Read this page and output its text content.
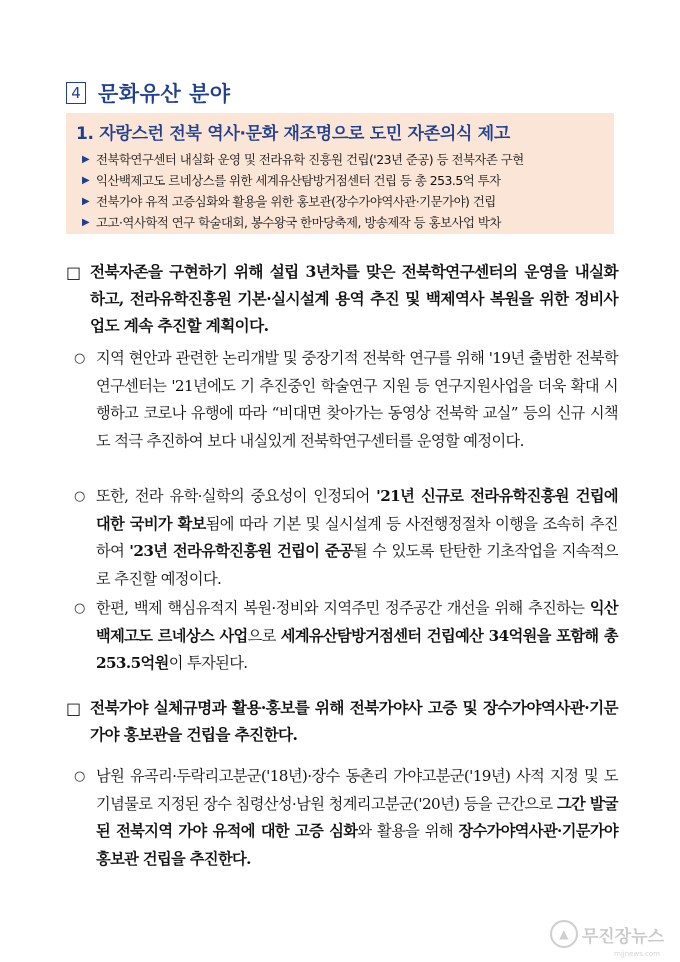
4 문화유산 분야
1. 자랑스런 전북 역사·문화 재조명으로 도민 자존의식 제고
▶ 전북학연구센터 내실화 운영 및 전라유학 진흥원 건립('23년 준공) 등 전북자존 구현
▶ 익산백제고도 르네상스를 위한 세계유산탐방거점센터 건립 등 총 253.5억 투자
▶ 전북가야 유적 고증심화와 활용을 위한 홍보관(장수가야역사관·기문가야) 건립
▶ 고고·역사학적 연구 학술대회, 봉수왕국 한마당축제, 방송제작 등 홍보사업 박차
□ 전북자존을 구현하기 위해 설립 3년차를 맞은 전북학연구센터의 운영을 내실화 하고, 전라유학진흥원 기본·실시설계 용역 추진 및 백제역사 복원을 위한 정비사업도 계속 추진할 계획이다.
○ 지역 현안과 관련한 논리개발 및 중장기적 전북학 연구를 위해 '19년 출범한 전북학연구센터는 '21년에도 기 추진중인 학술연구 지원 등 연구지원사업을 더욱 확대 시행하고 코로나 유행에 따라 “비대면 찾아가는 동영상 전북학 교실” 등의 신규 시책도 적극 추진하여 보다 내실있게 전북학연구센터를 운영할 예정이다.
○ 또한, 전라 유학·실학의 중요성이 인정되어 '21년 신규로 전라유학진흥원 건립에 대한 국비가 확보됨에 따라 기본 및 실시설계 등 사전행정절차 이행을 조속히 추진하여 '23년 전라유학진흥원 건립이 준공될 수 있도록 탄탄한 기초작업을 지속적으로 추진할 예정이다.
○ 한편, 백제 핵심유적지 복원·정비와 지역주민 정주공간 개선을 위해 추진하는 익산 백제고도 르네상스 사업으로 세계유산탐방거점센터 건립예산 34억원을 포함해 총 253.5억원이 투자된다.
□ 전북가야 실체규명과 활용·홍보를 위해 전북가야사 고증 및 장수가야역사관·기문가야 홍보관을 건립을 추진한다.
○ 남원 유곡리·두락리고분군('18년)·장수 동촌리 가야고분군('19년) 사적 지정 및 도기념물로 지정된 장수 침령산성·남원 청계리고분군('20년) 등을 근간으로 그간 발굴된 전북지역 가야 유적에 대한 고증 심화와 활용을 위해 장수가야역사관·기문가야 홍보관 건립을 추진한다.
▲ 무진장뉴스
mjjnews.com
